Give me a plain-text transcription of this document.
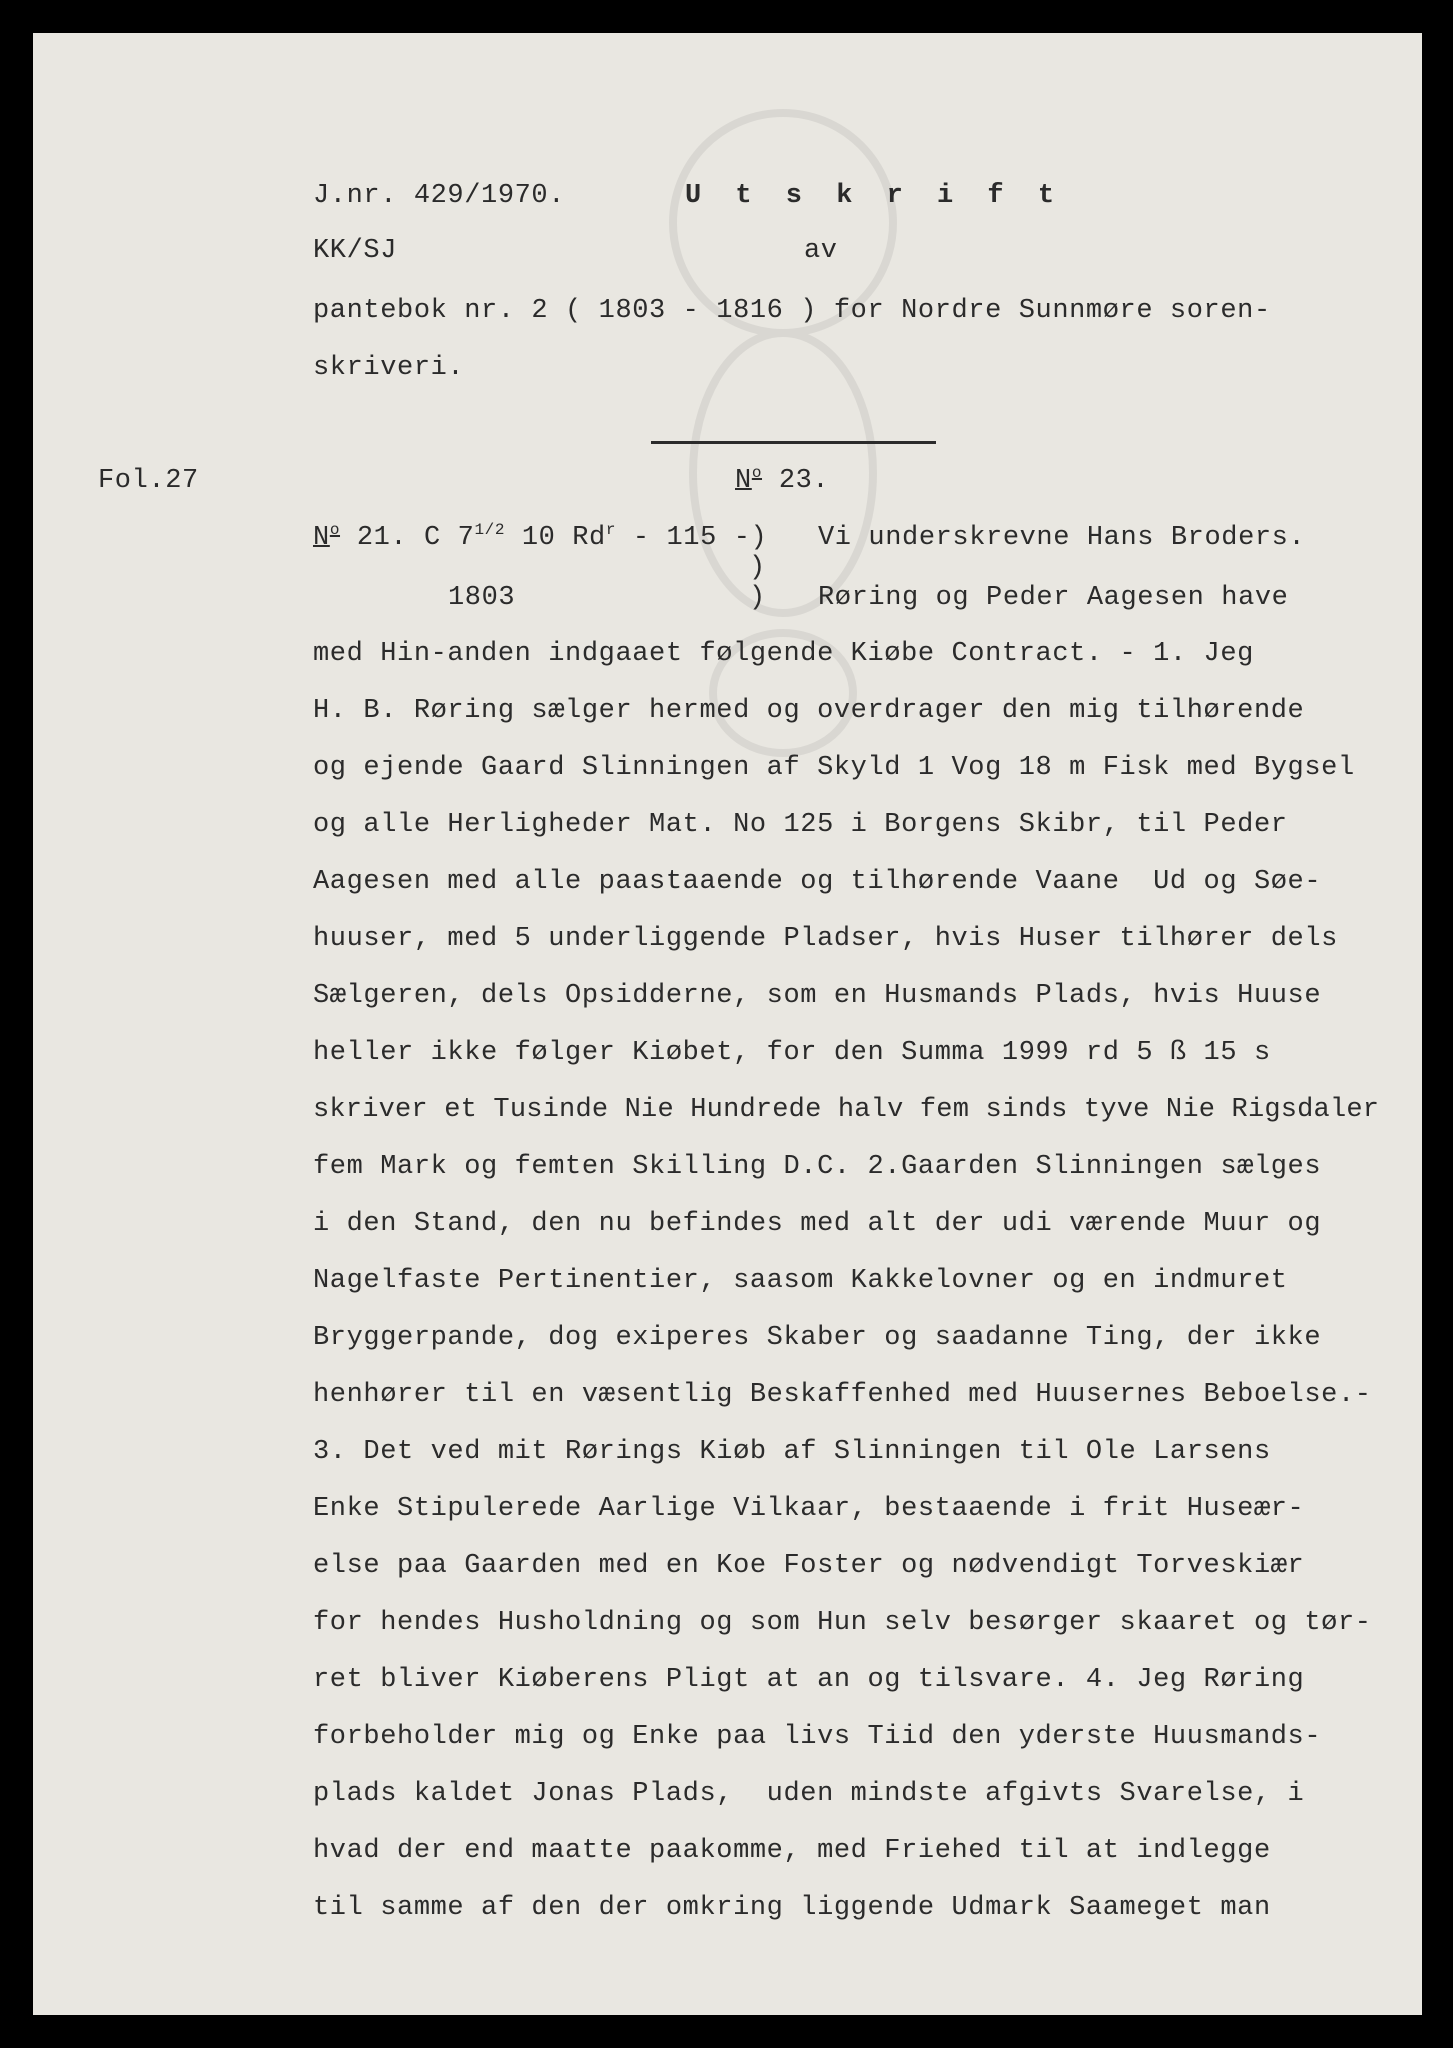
J.nr. 429/1970.	U t s k r i f t

KK/SJ	av

pantebok nr. 2 ( 1803 - 1816 ) for Nordre Sunnmøre soren-

skriveri.

Fol.27	$N^o$ 23.

$N^o$ 21. C $7^{1/2}$ 10 Rd$^r$ - 115 -)

)

1803	)

Vi underskrevne Hans Broders.

Røring og Peder Aagesen have

med Hin-anden indgaaet følgende Kiøbe Contract. - 1. Jeg

H. B. Røring sælger hermed og overdrager den mig tilhørende

og ejende Gaard Slinningen af Skyld 1 Vog 18 m Fisk med Bygsel

og alle Herligheder Mat. No 125 i Borgens Skibr, til Peder

Aagesen med alle paastaaende og tilhørende Vaane  Ud og Søe-

huuser, med 5 underliggende Pladser, hvis Huser tilhører dels

Sælgeren, dels Opsidderne, som en Husmands Plads, hvis Huuse

heller ikke følger Kiøbet, for den Summa 1999 rd 5 ß 15 s

skriver et Tusinde Nie Hundrede halv fem sinds tyve Nie Rigsdaler

fem Mark og femten Skilling D.C. 2.Gaarden Slinningen sælges

i den Stand, den nu befindes med alt der udi værende Muur og

Nagelfaste Pertinentier, saasom Kakkelovner og en indmuret

Bryggerpande, dog exiperes Skaber og saadanne Ting, der ikke

henhører til en væsentlig Beskaffenhed med Huusernes Beboelse.-

3. Det ved mit Rørings Kiøb af Slinningen til Ole Larsens

Enke Stipulerede Aarlige Vilkaar, bestaaende i frit Huseær-

else paa Gaarden med en Koe Foster og nødvendigt Torveskiær

for hendes Husholdning og som Hun selv besørger skaaret og tør-

ret bliver Kiøberens Pligt at an og tilsvare. 4. Jeg Røring

forbeholder mig og Enke paa livs Tiid den yderste Huusmands-

plads kaldet Jonas Plads,  uden mindste afgivts Svarelse, i

hvad der end maatte paakomme, med Friehed til at indlegge

til samme af den der omkring liggende Udmark Saameget man
